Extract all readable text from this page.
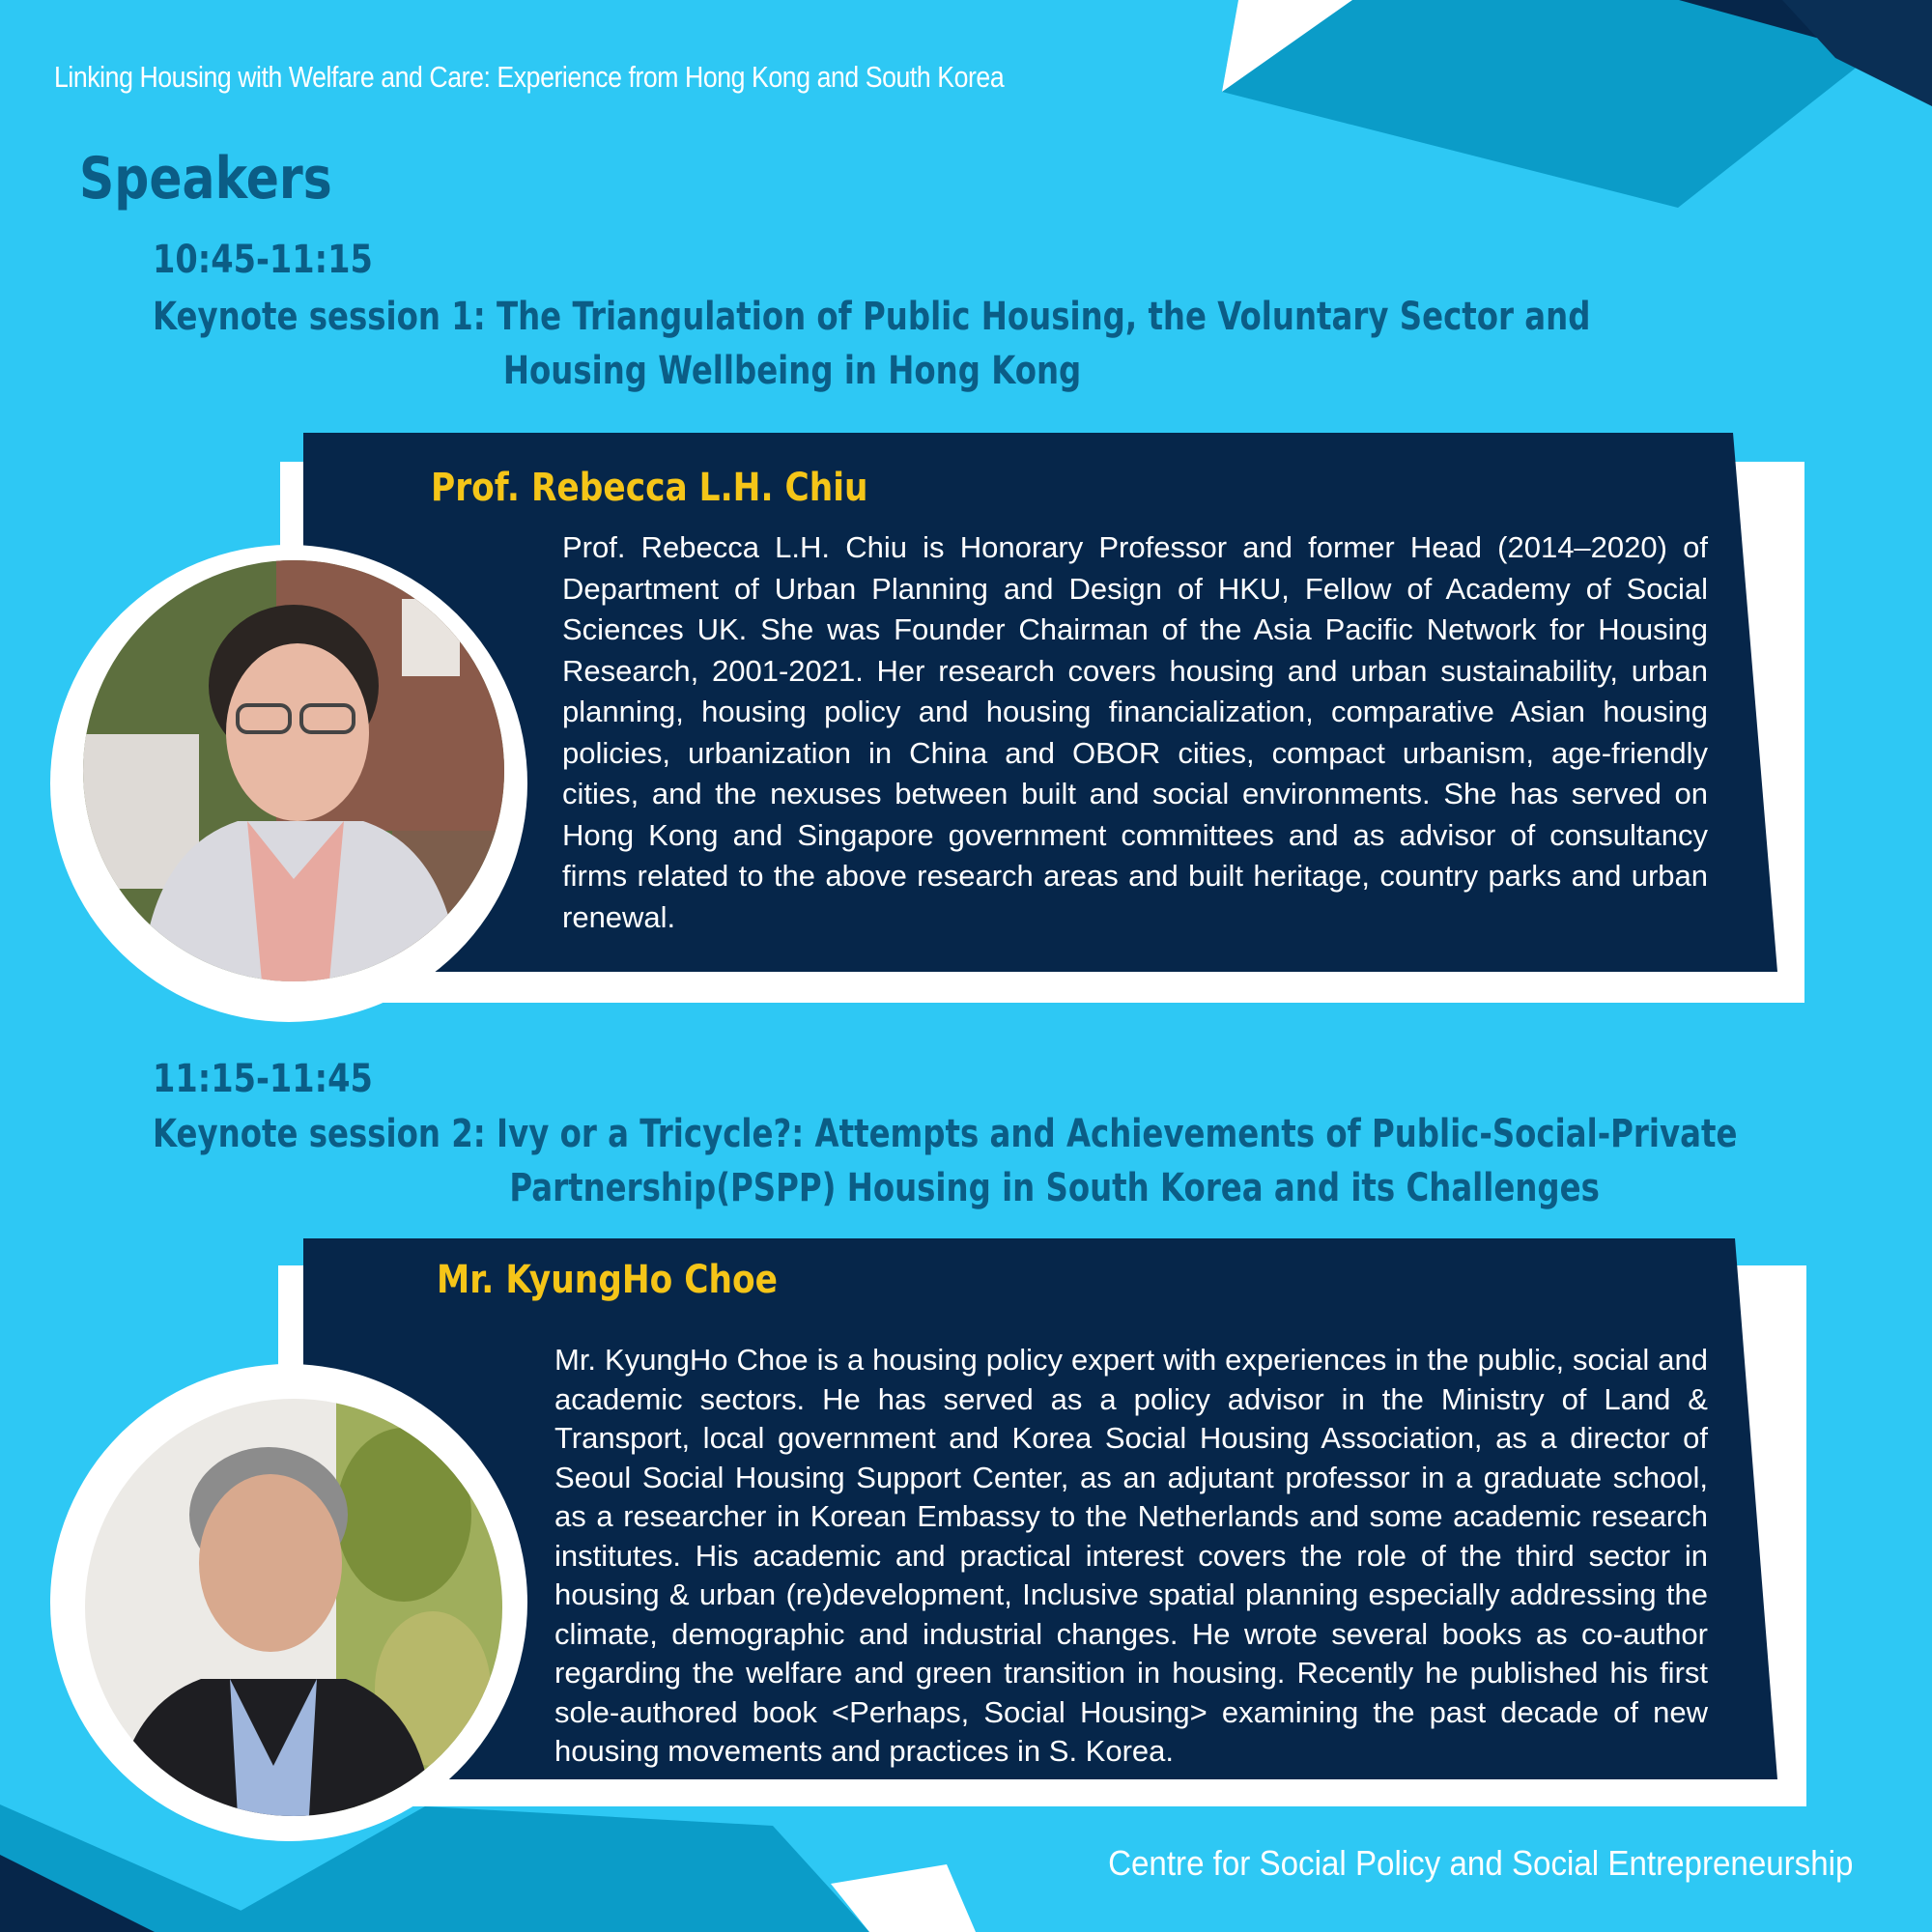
Linking Housing with Welfare and Care: Experience from Hong Kong and South Korea
Speakers
10:45-11:15
Keynote session 1: The Triangulation of Public Housing, the Voluntary Sector and
Housing Wellbeing in Hong Kong
Prof. Rebecca L.H. Chiu
Prof. Rebecca L.H. Chiu is Honorary Professor and former Head (2014–2020) of Department of Urban Planning and Design of HKU, Fellow of Academy of Social Sciences UK. She was Founder Chairman of the Asia Pacific Network for Housing Research, 2001-2021. Her research covers housing and urban sustainability, urban planning, housing policy and housing financialization, comparative Asian housing policies, urbanization in China and OBOR cities, compact urbanism, age-friendly cities, and the nexuses between built and social environments. She has served on Hong Kong and Singapore government committees and as advisor of consultancy firms related to the above research areas and built heritage, country parks and urban renewal.
11:15-11:45
Keynote session 2: Ivy or a Tricycle?: Attempts and Achievements of Public-Social-Private
Partnership(PSPP) Housing in South Korea and its Challenges
Mr. KyungHo Choe
Mr. KyungHo Choe is a housing policy expert with experiences in the public, social and academic sectors. He has served as a policy advisor in the Ministry of Land & Transport, local government and Korea Social Housing Association, as a director of Seoul Social Housing Support Center, as an adjutant professor in a graduate school, as a researcher in Korean Embassy to the Netherlands and some academic research institutes. His academic and practical interest covers the role of the third sector in housing & urban (re)development, Inclusive spatial planning especially addressing the climate, demographic and industrial changes. He wrote several books as co-author regarding the welfare and green transition in housing. Recently he published his first sole-authored book <Perhaps, Social Housing> examining the past decade of new housing movements and practices in S. Korea.
Centre for Social Policy and Social Entrepreneurship
